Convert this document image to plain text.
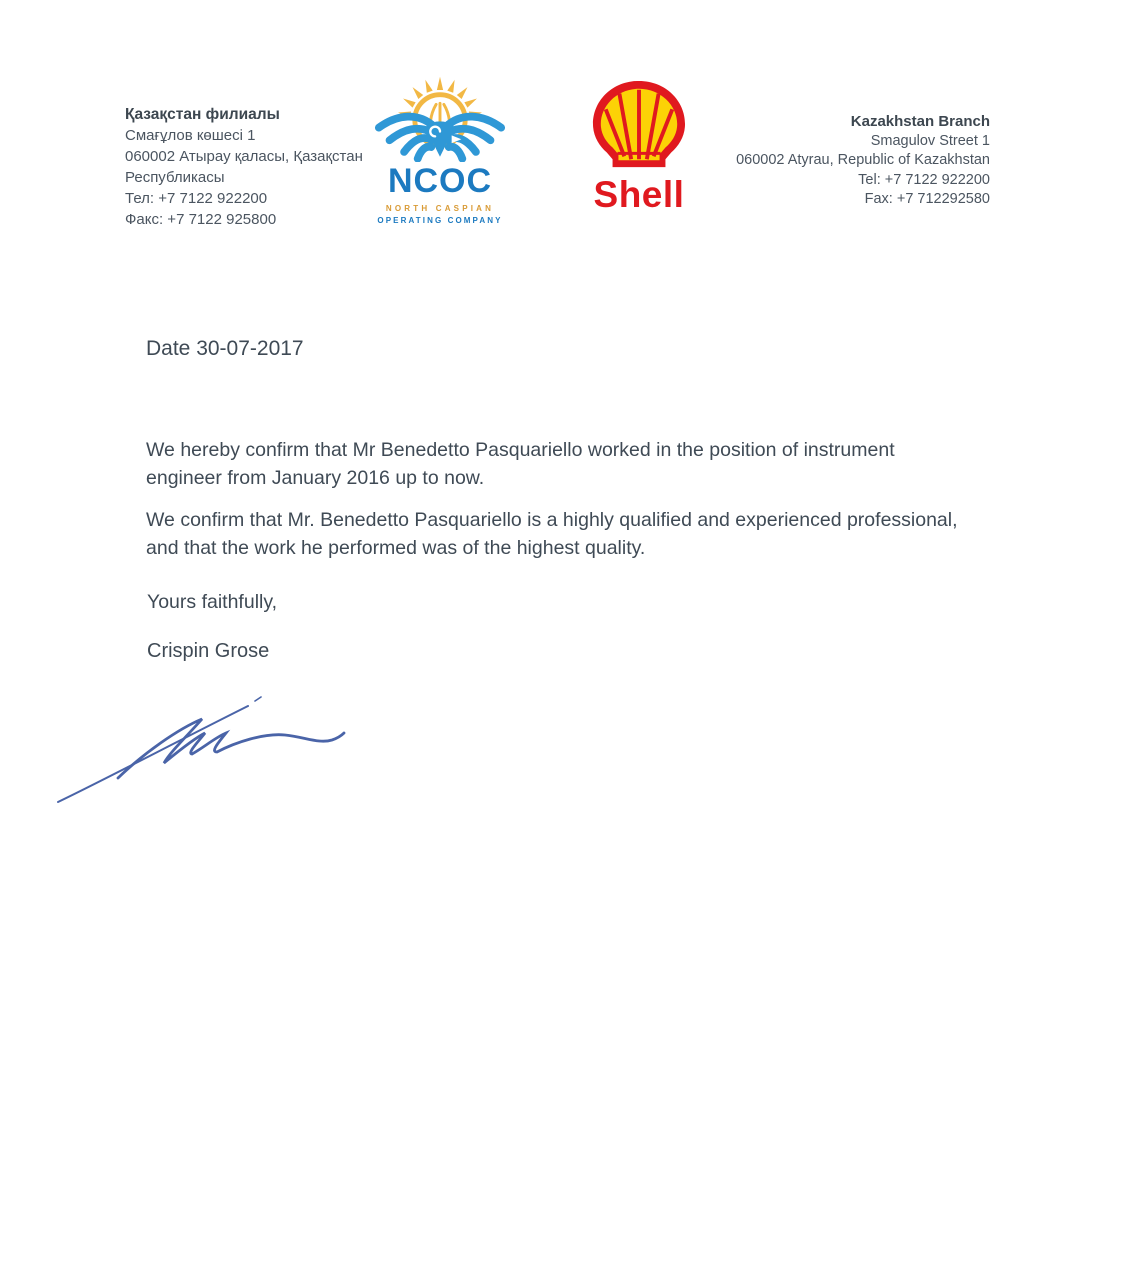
Қазақстан филиалы
Смағұлов көшесі 1
060002 Атырау қаласы, Қазақстан
Республикасы
Тел: +7 7122 922200
Факс: +7 7122 925800
NCOC
NORTH CASPIAN
OPERATING COMPANY
Shell
Kazakhstan Branch
Smagulov Street 1
060002 Atyrau, Republic of Kazakhstan
Tel: +7 7122 922200
Fax: +7 712292580
Date 30-07-2017
We hereby confirm that Mr Benedetto Pasquariello worked in the position of instrument
engineer from January 2016 up to now.
We confirm that Mr. Benedetto Pasquariello is a highly qualified and experienced professional,
and that the work he performed was of the highest quality.
Yours faithfully,
Crispin Grose
